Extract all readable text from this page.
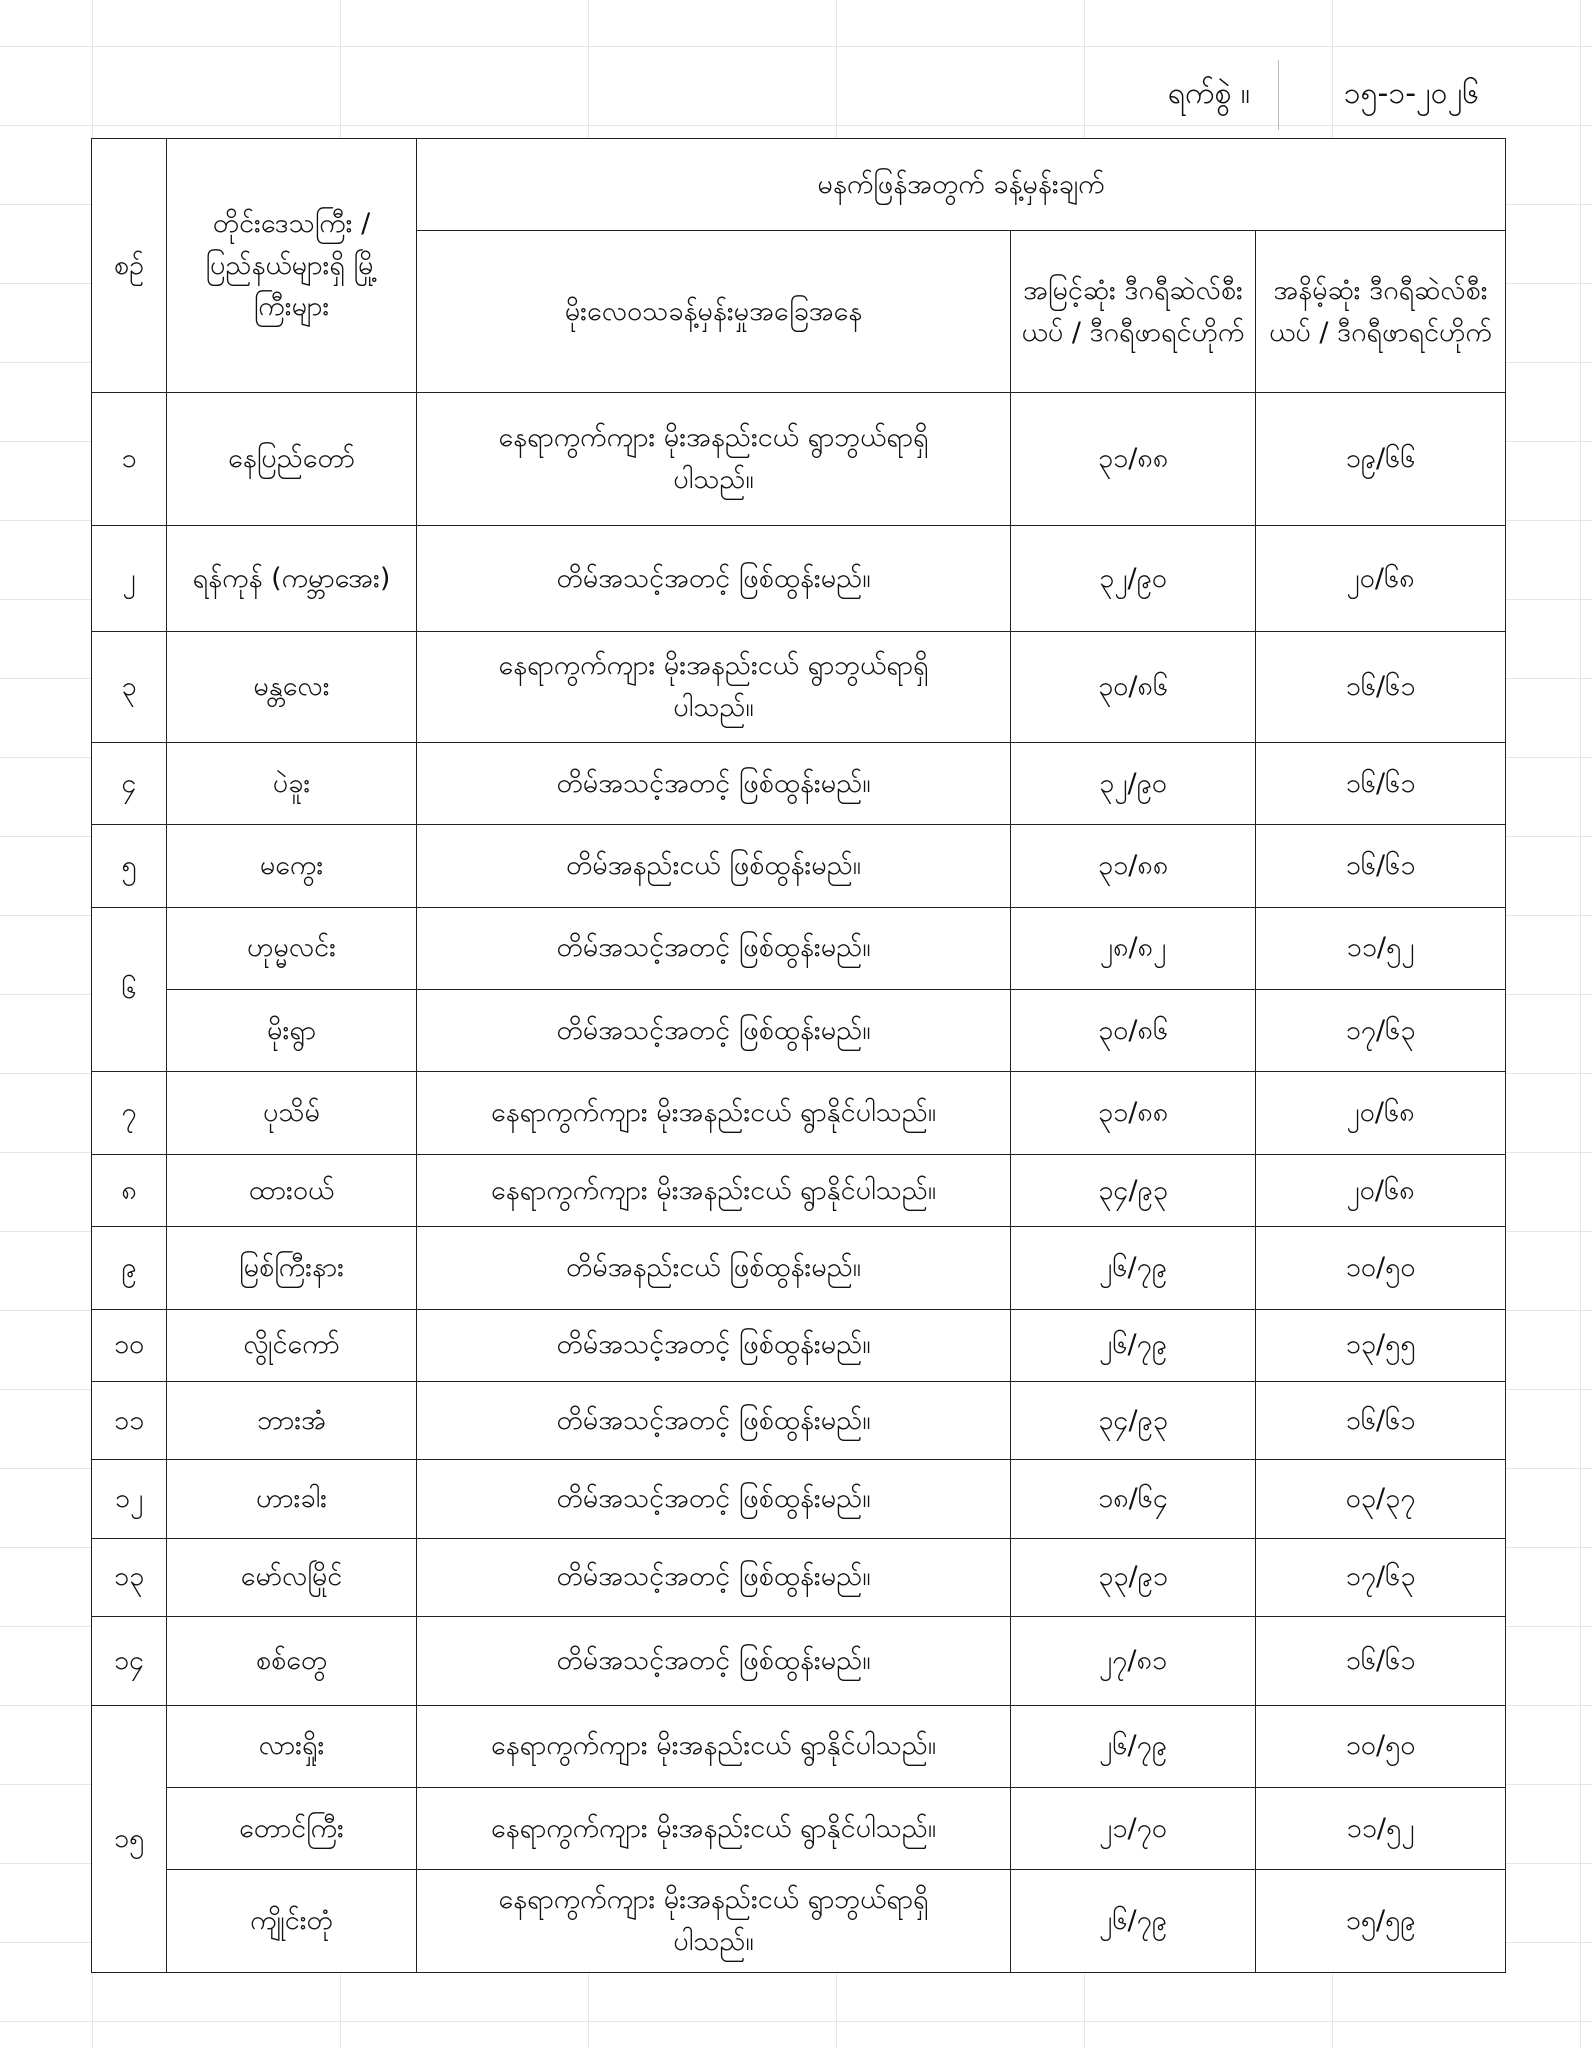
ရက်စွဲ ။	၁၅-၁-၂၀၂၆
စဉ်	တိုင်းဒေသကြီး / ပြည်နယ်များရှိ မြို့ကြီးများ	မနက်ဖြန်အတွက် ခန့်မှန်းချက်		
		မိုးလေဝသခန့်မှန်းမှုအခြေအနေ	အမြင့်ဆုံး ဒီဂရီဆဲလ်စီးယပ် / ဒီဂရီဖာရင်ဟိုက်	အနိမ့်ဆုံး ဒီဂရီဆဲလ်စီးယပ် / ဒီဂရီဖာရင်ဟိုက်
၁	နေပြည်တော်	နေရာကွက်ကျား မိုးအနည်းငယ် ရွာဘွယ်ရာရှိပါသည်။	၃၁/၈၈	၁၉/၆၆
၂	ရန်ကုန် (ကမ္ဘာအေး)	တိမ်အသင့်အတင့် ဖြစ်ထွန်းမည်။	၃၂/၉၀	၂၀/၆၈
၃	မန္တလေး	နေရာကွက်ကျား မိုးအနည်းငယ် ရွာဘွယ်ရာရှိပါသည်။	၃၀/၈၆	၁၆/၆၁
၄	ပဲခူး	တိမ်အသင့်အတင့် ဖြစ်ထွန်းမည်။	၃၂/၉၀	၁၆/၆၁
၅	မကွေး	တိမ်အနည်းငယ် ဖြစ်ထွန်းမည်။	၃၁/၈၈	၁၆/၆၁
၆	ဟုမ္မလင်း	တိမ်အသင့်အတင့် ဖြစ်ထွန်းမည်။	၂၈/၈၂	၁၁/၅၂
	မိုးရွာ	တိမ်အသင့်အတင့် ဖြစ်ထွန်းမည်။	၃၀/၈၆	၁၇/၆၃
၇	ပုသိမ်	နေရာကွက်ကျား မိုးအနည်းငယ် ရွာနိုင်ပါသည်။	၃၁/၈၈	၂၀/၆၈
၈	ထားဝယ်	နေရာကွက်ကျား မိုးအနည်းငယ် ရွာနိုင်ပါသည်။	၃၄/၉၃	၂၀/၆၈
၉	မြစ်ကြီးနား	တိမ်အနည်းငယ် ဖြစ်ထွန်းမည်။	၂၆/၇၉	၁၀/၅၀
၁၀	လွိုင်ကော်	တိမ်အသင့်အတင့် ဖြစ်ထွန်းမည်။	၂၆/၇၉	၁၃/၅၅
၁၁	ဘားအံ	တိမ်အသင့်အတင့် ဖြစ်ထွန်းမည်။	၃၄/၉၃	၁၆/၆၁
၁၂	ဟားခါး	တိမ်အသင့်အတင့် ဖြစ်ထွန်းမည်။	၁၈/၆၄	၀၃/၃၇
၁၃	မော်လမြိုင်	တိမ်အသင့်အတင့် ဖြစ်ထွန်းမည်။	၃၃/၉၁	၁၇/၆၃
၁၄	စစ်တွေ	တိမ်အသင့်အတင့် ဖြစ်ထွန်းမည်။	၂၇/၈၁	၁၆/၆၁
၁၅	လားရှိုး	နေရာကွက်ကျား မိုးအနည်းငယ် ရွာနိုင်ပါသည်။	၂၆/၇၉	၁၀/၅၀
	တောင်ကြီး	နေရာကွက်ကျား မိုးအနည်းငယ် ရွာနိုင်ပါသည်။	၂၁/၇၀	၁၁/၅၂
	ကျိုင်းတုံ	နေရာကွက်ကျား မိုးအနည်းငယ် ရွာဘွယ်ရာရှိပါသည်။	၂၆/၇၉	၁၅/၅၉
